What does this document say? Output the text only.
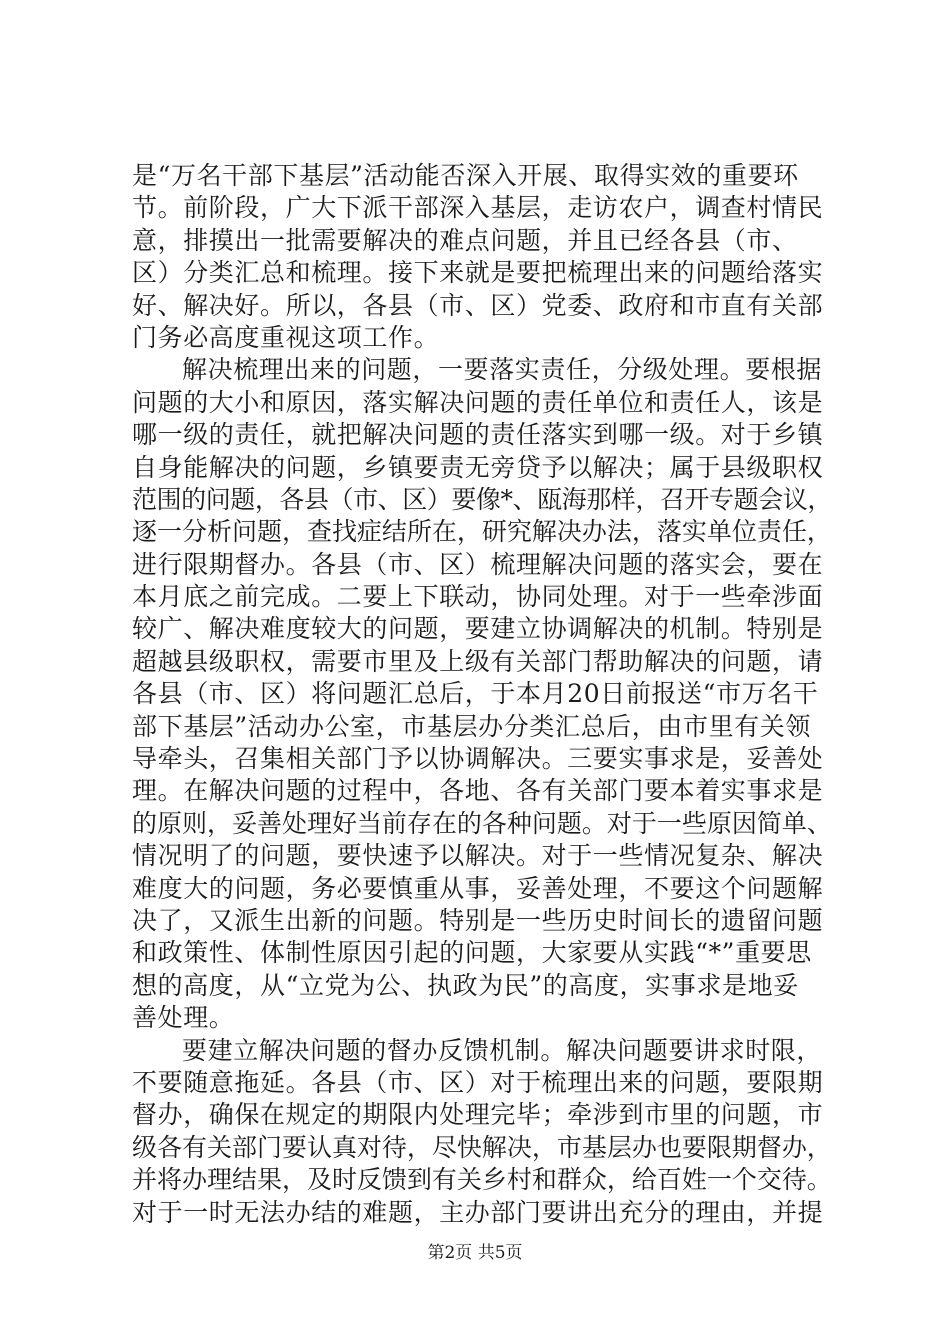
是“万名干部下基层”活动能否深入开展、取得实效的重要环
节。前阶段，广大下派干部深入基层，走访农户，调查村情民
意，排摸出一批需要解决的难点问题，并且已经各县（市、
区）分类汇总和梳理。接下来就是要把梳理出来的问题给落实
好、解决好。所以，各县（市、区）党委、政府和市直有关部
门务必高度重视这项工作。
解决梳理出来的问题，一要落实责任，分级处理。要根据
问题的大小和原因，落实解决问题的责任单位和责任人，该是
哪一级的责任，就把解决问题的责任落实到哪一级。对于乡镇
自身能解决的问题，乡镇要责无旁贷予以解决；属于县级职权
范围的问题，各县（市、区）要像*、瓯海那样，召开专题会议，
逐一分析问题，查找症结所在，研究解决办法，落实单位责任，
进行限期督办。各县（市、区）梳理解决问题的落实会，要在
本月底之前完成。二要上下联动，协同处理。对于一些牵涉面
较广、解决难度较大的问题，要建立协调解决的机制。特别是
超越县级职权，需要市里及上级有关部门帮助解决的问题，请
各县（市、区）将问题汇总后，于本月20日前报送“市万名干
部下基层”活动办公室，市基层办分类汇总后，由市里有关领
导牵头，召集相关部门予以协调解决。三要实事求是，妥善处
理。在解决问题的过程中，各地、各有关部门要本着实事求是
的原则，妥善处理好当前存在的各种问题。对于一些原因简单、
情况明了的问题，要快速予以解决。对于一些情况复杂、解决
难度大的问题，务必要慎重从事，妥善处理，不要这个问题解
决了，又派生出新的问题。特别是一些历史时间长的遗留问题
和政策性、体制性原因引起的问题，大家要从实践“*”重要思
想的高度，从“立党为公、执政为民”的高度，实事求是地妥
善处理。
要建立解决问题的督办反馈机制。解决问题要讲求时限，
不要随意拖延。各县（市、区）对于梳理出来的问题，要限期
督办，确保在规定的期限内处理完毕；牵涉到市里的问题，市
级各有关部门要认真对待，尽快解决，市基层办也要限期督办，
并将办理结果，及时反馈到有关乡村和群众，给百姓一个交待。
对于一时无法办结的难题，主办部门要讲出充分的理由，并提
第2页 共5页
